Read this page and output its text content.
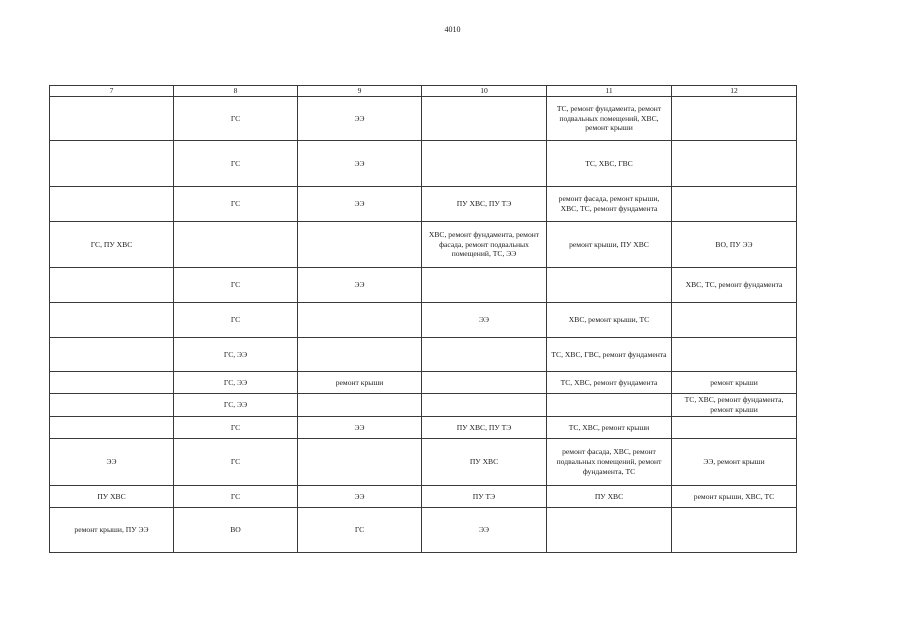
4010
7	8	9	10	11	12
	ГС	ЭЭ		ТС, ремонт фундамента, ремонт подвальных помещений, ХВС, ремонт крыши	
	ГС	ЭЭ		ТС, ХВС, ГВС	
	ГС	ЭЭ	ПУ ХВС, ПУ ТЭ	ремонт фасада, ремонт крыши, ХВС, ТС, ремонт фундамента	
ГС, ПУ ХВС			ХВС, ремонт фундамента, ремонт фасада, ремонт подвальных помещений, ТС, ЭЭ	ремонт крыши, ПУ ХВС	ВО, ПУ ЭЭ
	ГС	ЭЭ			ХВС, ТС, ремонт фундамента
	ГС		ЭЭ	ХВС, ремонт крыши, ТС	
	ГС, ЭЭ			ТС, ХВС, ГВС, ремонт фундамента	
	ГС, ЭЭ	ремонт крыши		ТС, ХВС, ремонт фундамента	ремонт крыши
	ГС, ЭЭ				ТС, ХВС, ремонт фундамента, ремонт крыши
	ГС	ЭЭ	ПУ ХВС, ПУ ТЭ	ТС, ХВС, ремонт крыши	
ЭЭ	ГС		ПУ ХВС	ремонт фасада, ХВС, ремонт подвальных помещений, ремонт фундамента, ТС	ЭЭ, ремонт крыши
ПУ ХВС	ГС	ЭЭ	ПУ ТЭ	ПУ ХВС	ремонт крыши, ХВС, ТС
ремонт крыши, ПУ ЭЭ	ВО	ГС	ЭЭ		
